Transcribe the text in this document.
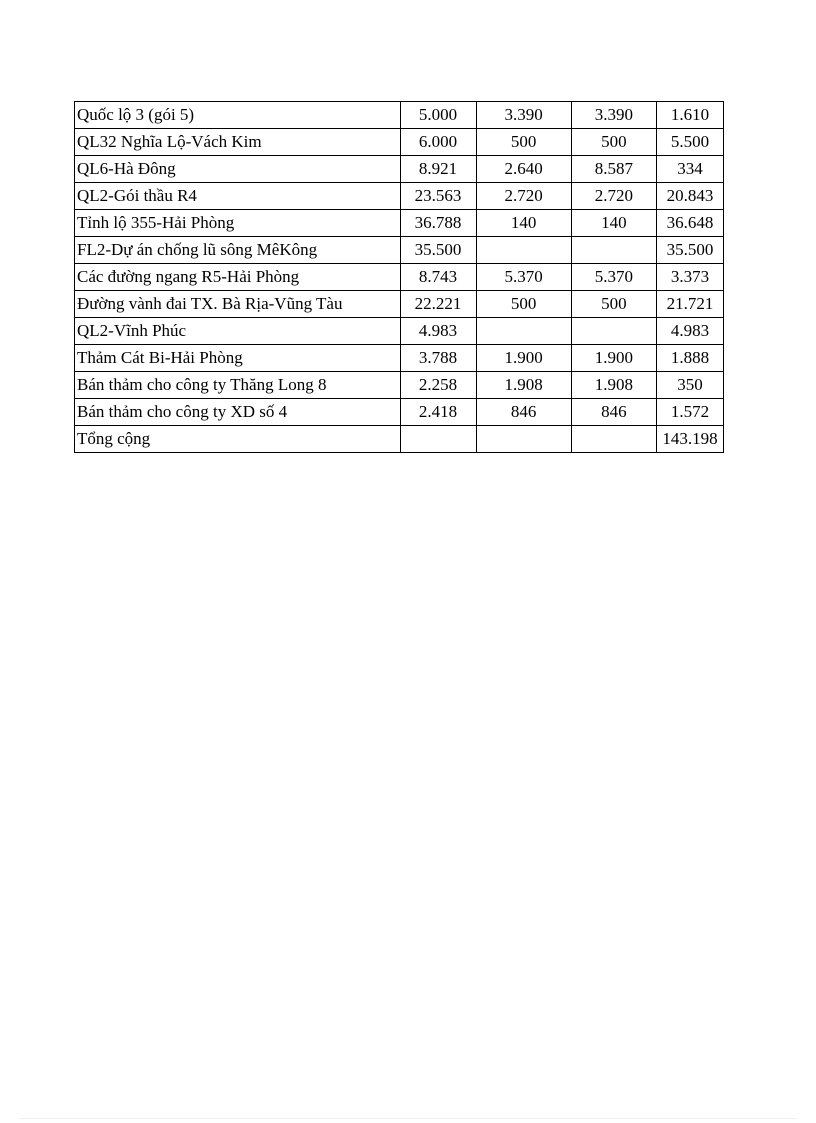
Quốc lộ 3 (gói 5)	5.000	3.390	3.390	1.610
QL32 Nghĩa Lộ-Vách Kim	6.000	500	500	5.500
QL6-Hà Đông	8.921	2.640	8.587	334
QL2-Gói thầu R4	23.563	2.720	2.720	20.843
Tỉnh lộ 355-Hải Phòng	36.788	140	140	36.648
FL2-Dự án chống lũ sông MêKông	35.500			35.500
Các đường ngang R5-Hải Phòng	8.743	5.370	5.370	3.373
Đường vành đai TX. Bà Rịa-Vũng Tàu	22.221	500	500	21.721
QL2-Vĩnh Phúc	4.983			4.983
Thảm Cát Bi-Hải Phòng	3.788	1.900	1.900	1.888
Bán thảm cho công ty Thăng Long 8	2.258	1.908	1.908	350
Bán thảm cho công ty XD số 4	2.418	846	846	1.572
Tổng cộng				143.198
